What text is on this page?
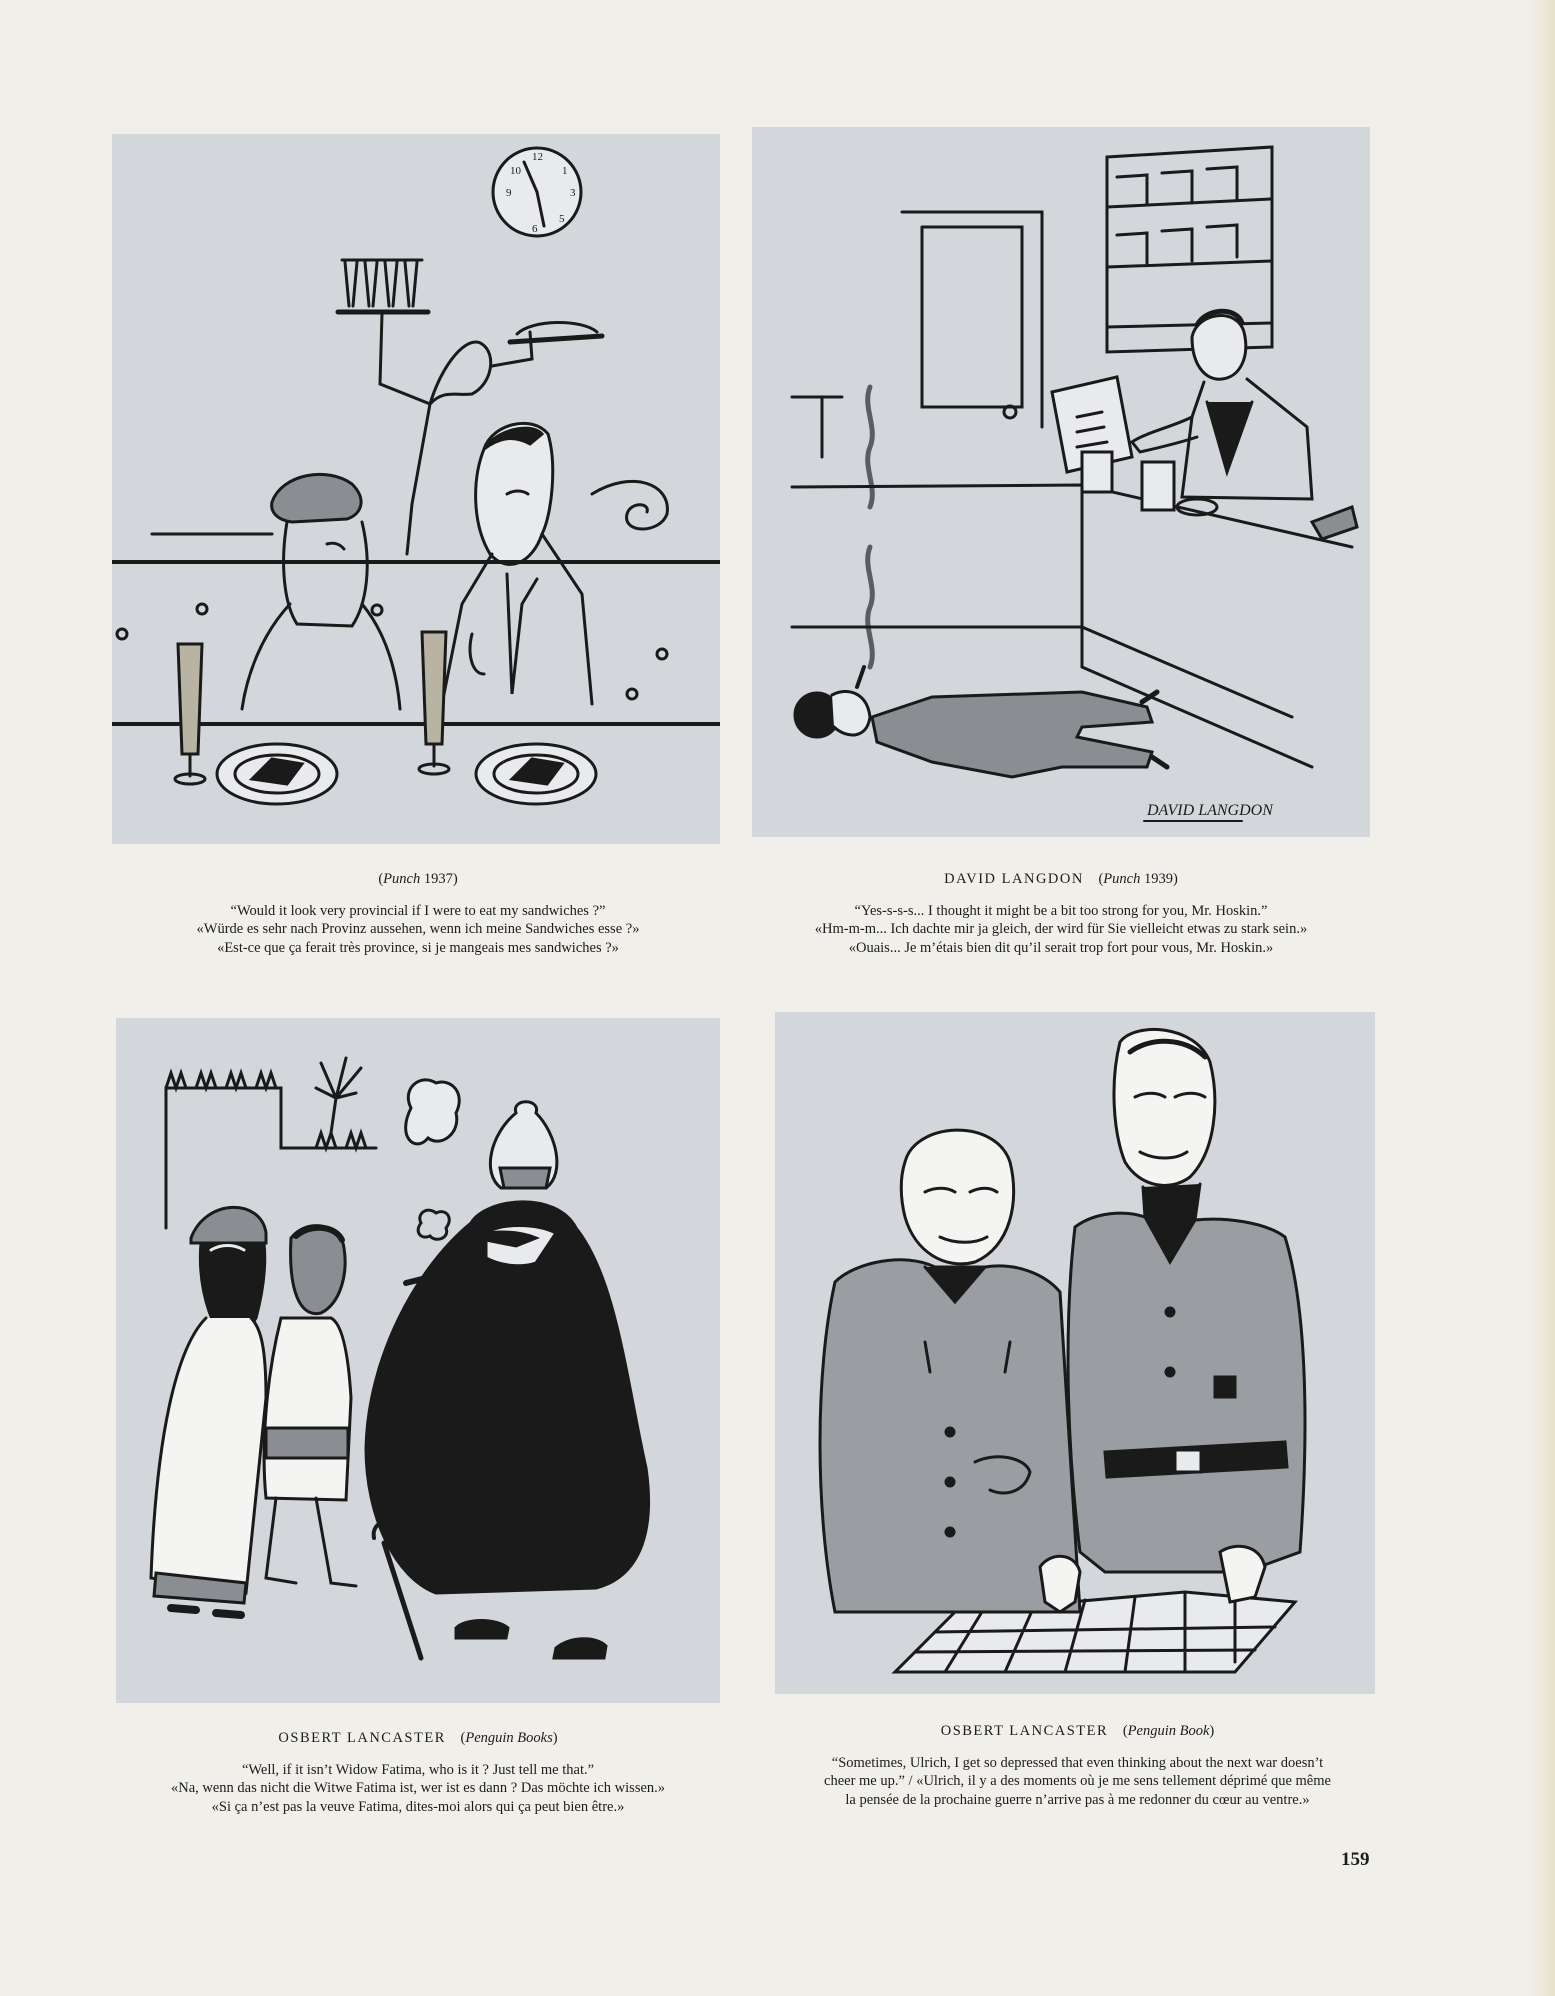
12
1
3
5
6
9
10
(Punch 1937)
“Would it look very provincial if I were to eat my sandwiches ?”
«Würde es sehr nach Provinz aussehen, wenn ich meine Sandwiches esse ?»
«Est-ce que ça ferait très province, si je mangeais mes sandwiches ?»
DAVID LANGDON
DAVID LANGDON (Punch 1939)
“Yes-s-s-s... I thought it might be a bit too strong for you, Mr. Hoskin.”
«Hm-m-m... Ich dachte mir ja gleich, der wird für Sie vielleicht etwas zu stark sein.»
«Ouais... Je m’étais bien dit qu’il serait trop fort pour vous, Mr. Hoskin.»
OSBERT LANCASTER (Penguin Books)
“Well, if it isn’t Widow Fatima, who is it ? Just tell me that.”
«Na, wenn das nicht die Witwe Fatima ist, wer ist es dann ? Das möchte ich wissen.»
«Si ça n’est pas la veuve Fatima, dites-moi alors qui ça peut bien être.»
OSBERT LANCASTER (Penguin Book)
“Sometimes, Ulrich, I get so depressed that even thinking about the next war doesn’t
cheer me up.” / «Ulrich, il y a des moments où je me sens tellement déprimé que même
la pensée de la prochaine guerre n’arrive pas à me redonner du cœur au ventre.»
159
